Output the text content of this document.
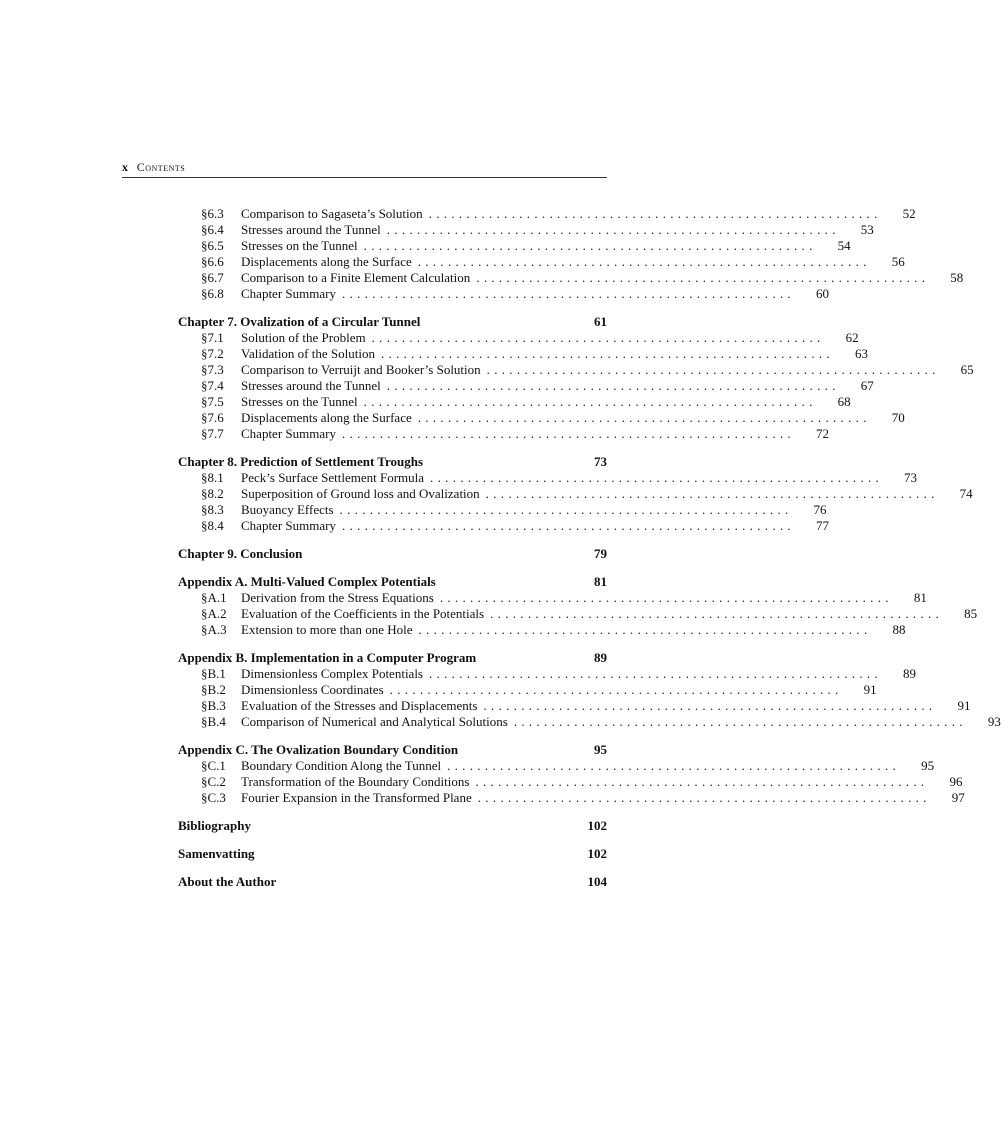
x Contents
§6.3	Comparison to Sagaseta’s Solution ............................................................	52
§6.4	Stresses around the Tunnel ............................................................	53
§6.5	Stresses on the Tunnel ............................................................	54
§6.6	Displacements along the Surface ............................................................	56
§6.7	Comparison to a Finite Element Calculation ............................................................	58
§6.8	Chapter Summary ............................................................	60
Chapter 7. Ovalization of a Circular Tunnel	61
§7.1	Solution of the Problem ............................................................	62
§7.2	Validation of the Solution ............................................................	63
§7.3	Comparison to Verruijt and Booker’s Solution ............................................................	65
§7.4	Stresses around the Tunnel ............................................................	67
§7.5	Stresses on the Tunnel ............................................................	68
§7.6	Displacements along the Surface ............................................................	70
§7.7	Chapter Summary ............................................................	72
Chapter 8. Prediction of Settlement Troughs	73
§8.1	Peck’s Surface Settlement Formula ............................................................	73
§8.2	Superposition of Ground loss and Ovalization ............................................................	74
§8.3	Buoyancy Effects ............................................................	76
§8.4	Chapter Summary ............................................................	77
Chapter 9. Conclusion	79
Appendix A. Multi-Valued Complex Potentials	81
§A.1	Derivation from the Stress Equations ............................................................	81
§A.2	Evaluation of the Coefficients in the Potentials ............................................................	85
§A.3	Extension to more than one Hole ............................................................	88
Appendix B. Implementation in a Computer Program	89
§B.1	Dimensionless Complex Potentials ............................................................	89
§B.2	Dimensionless Coordinates ............................................................	91
§B.3	Evaluation of the Stresses and Displacements ............................................................	91
§B.4	Comparison of Numerical and Analytical Solutions ............................................................	93
Appendix C. The Ovalization Boundary Condition	95
§C.1	Boundary Condition Along the Tunnel ............................................................	95
§C.2	Transformation of the Boundary Conditions ............................................................	96
§C.3	Fourier Expansion in the Transformed Plane ............................................................	97
Bibliography	102
Samenvatting	102
About the Author	104
